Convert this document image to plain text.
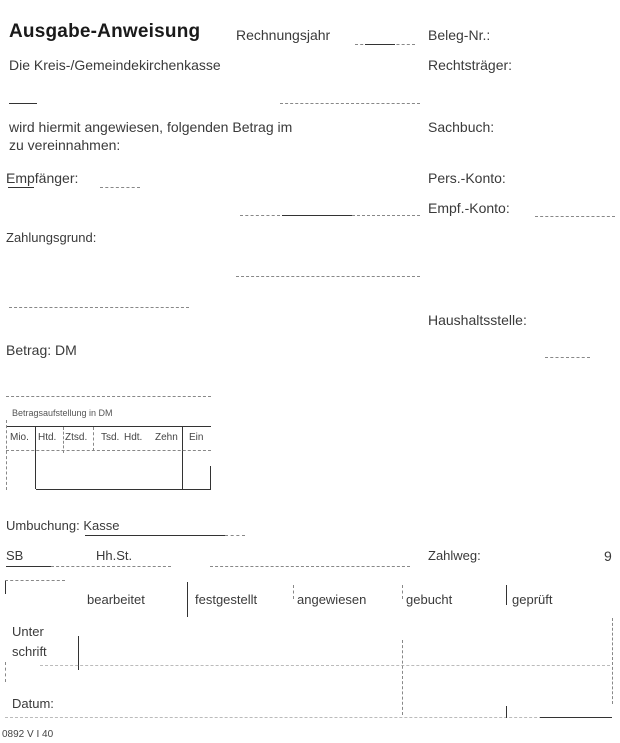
Ausgabe-Anweisung	Rechnungsjahr	Beleg-Nr.:
Die Kreis-/Gemeindekirchenkasse	Rechtsträger:
wird hiermit angewiesen, folgenden Betrag im
zu vereinnahmen:
Sachbuch:
Empfänger:	Pers.-Konto:
Empf.-Konto:
Zahlungsgrund:
Haushaltsstelle:
Betrag: DM
Betragsaufstellung in DM
Mio. Htd. Ztsd. Tsd. Hdt. Zehn Ein
Umbuchung: Kasse
SB	Hh.St.	Zahlweg:	9
bearbeitet	festgestellt	angewiesen	gebucht	geprüft
Unter
schrift
Datum:
0892 V I 40
